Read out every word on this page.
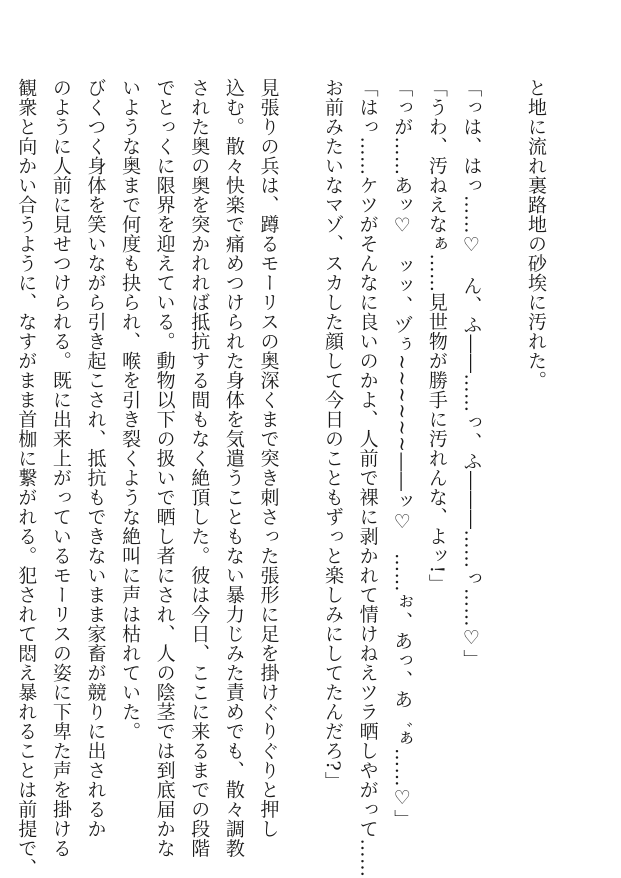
と地に流れ裏路地の砂埃に汚れた。
「っは、はっ……♡　ん、ふ――……っ、ふ―――……っ……♡」
「うわ、汚ねえなぁ……見世物が勝手に汚れんな、よッ!」
「っが……あッ♡　ッッ、ヅぅ~~~~~~――ッ♡　……ぉ、あっ、あ゛ぁ……♡」
「はっ……ケツがそんなに良いのかよ、人前で裸に剥かれて情けねえツラ晒しやがって……
お前みたいなマゾ、スカした顔して今日のこともずっと楽しみにしてたんだろ?」
見張りの兵は、蹲るモーリスの奥深くまで突き刺さった張形に足を掛けぐりぐりと押し
込む。散々快楽で痛めつけられた身体を気遣うこともない暴力じみた責めでも、散々調教
された奥の奥を突かれれば抵抗する間もなく絶頂した。彼は今日、ここに来るまでの段階
でとっくに限界を迎えている。動物以下の扱いで晒し者にされ、人の陰茎では到底届かな
いような奥まで何度も抉られ、喉を引き裂くような絶叫に声は枯れていた。
びくつく身体を笑いながら引き起こされ、抵抗もできないまま家畜が競りに出されるか
のように人前に見せつけられる。既に出来上がっているモーリスの姿に下卑た声を掛ける
観衆と向かい合うように、なすがまま首枷に繋がれる。犯されて悶え暴れることは前提で、
